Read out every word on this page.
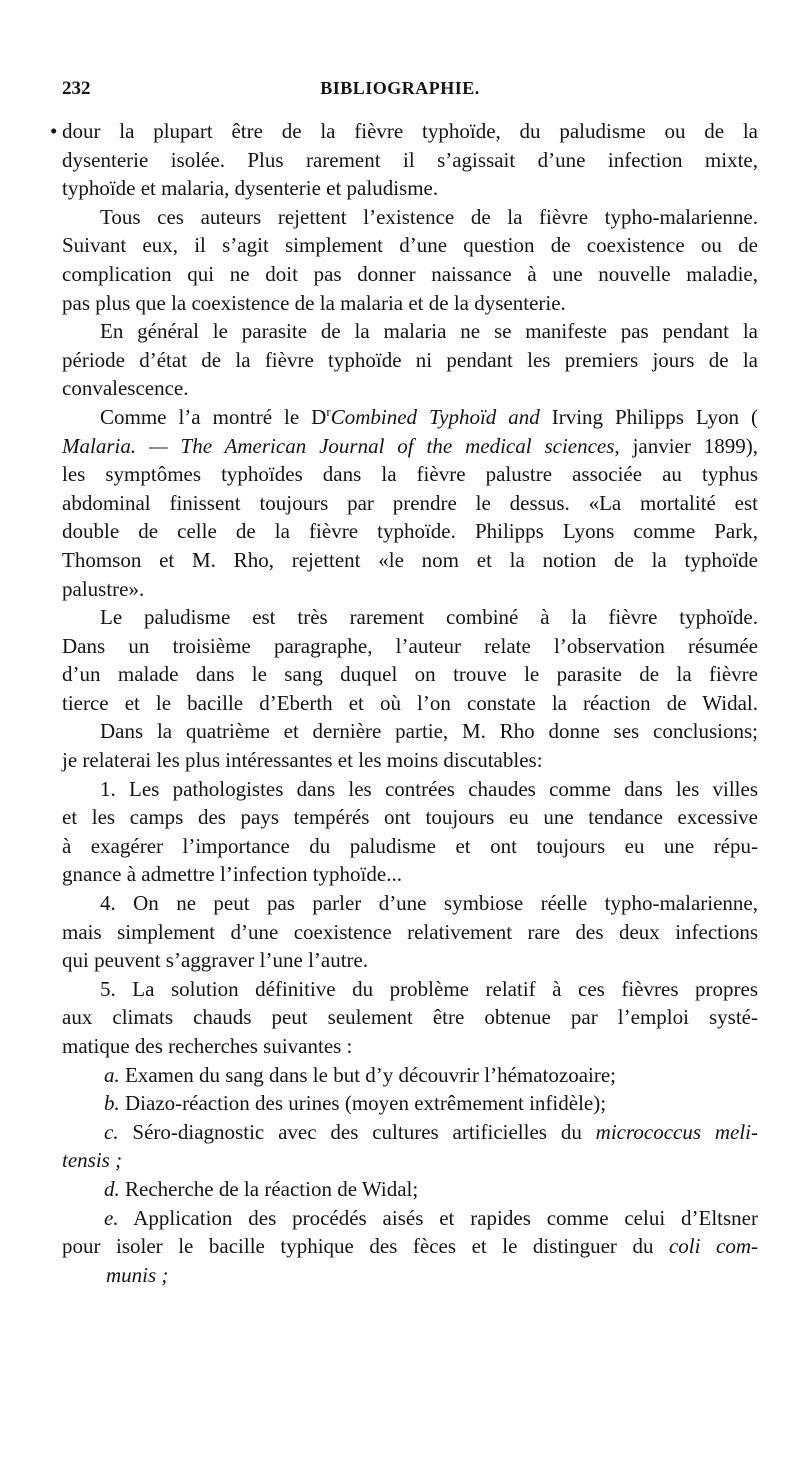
232	BIBLIOGRAPHIE.
• dour la plupart être de la fièvre typhoïde, du paludisme ou de la
dysenterie isolée. Plus rarement il s’agissait d’une infection mixte,
typhoïde et malaria, dysenterie et paludisme.
Tous ces auteurs rejettent l’existence de la fièvre typho-malarienne.
Suivant eux, il s’agit simplement d’une question de coexistence ou de
complication qui ne doit pas donner naissance à une nouvelle maladie,
pas plus que la coexistence de la malaria et de la dysenterie.
En général le parasite de la malaria ne se manifeste pas pendant la
période d’état de la fièvre typhoïde ni pendant les premiers jours de la
convalescence.
Comme l’a montré le $D^rCombined$ Typhoïd and Irving Philipps Lyon (
Malaria. — The American Journal of the medical sciences, janvier 1899),
les symptômes typhoïdes dans la fièvre palustre associée au typhus
abdominal finissent toujours par prendre le dessus. «La mortalité est
double de celle de la fièvre typhoïde. Philipps Lyons comme Park,
Thomson et M. Rho, rejettent «le nom et la notion de la typhoïde
palustre».
Le paludisme est très rarement combiné à la fièvre typhoïde.
Dans un troisième paragraphe, l’auteur relate l’observation résumée
d’un malade dans le sang duquel on trouve le parasite de la fièvre
tierce et le bacille d’Eberth et où l’on constate la réaction de Widal.
Dans la quatrième et dernière partie, M. Rho donne ses conclusions;
je relaterai les plus intéressantes et les moins discutables:
1. Les pathologistes dans les contrées chaudes comme dans les villes
et les camps des pays tempérés ont toujours eu une tendance excessive
à exagérer l’importance du paludisme et ont toujours eu une répu-
gnance à admettre l’infection typhoïde...
4. On ne peut pas parler d’une symbiose réelle typho-malarienne,
mais simplement d’une coexistence relativement rare des deux infections
qui peuvent s’aggraver l’une l’autre.
5. La solution définitive du problème relatif à ces fièvres propres
aux climats chauds peut seulement être obtenue par l’emploi systé-
matique des recherches suivantes :
a. Examen du sang dans le but d’y découvrir l’hématozoaire;
b. Diazo-réaction des urines (moyen extrêmement infidèle);
c. Séro-diagnostic avec des cultures artificielles du micrococcus meli-
tensis ;
d. Recherche de la réaction de Widal;
e. Application des procédés aisés et rapides comme celui d’Eltsner
pour isoler le bacille typhique des fèces et le distinguer du coli com-
munis ;
